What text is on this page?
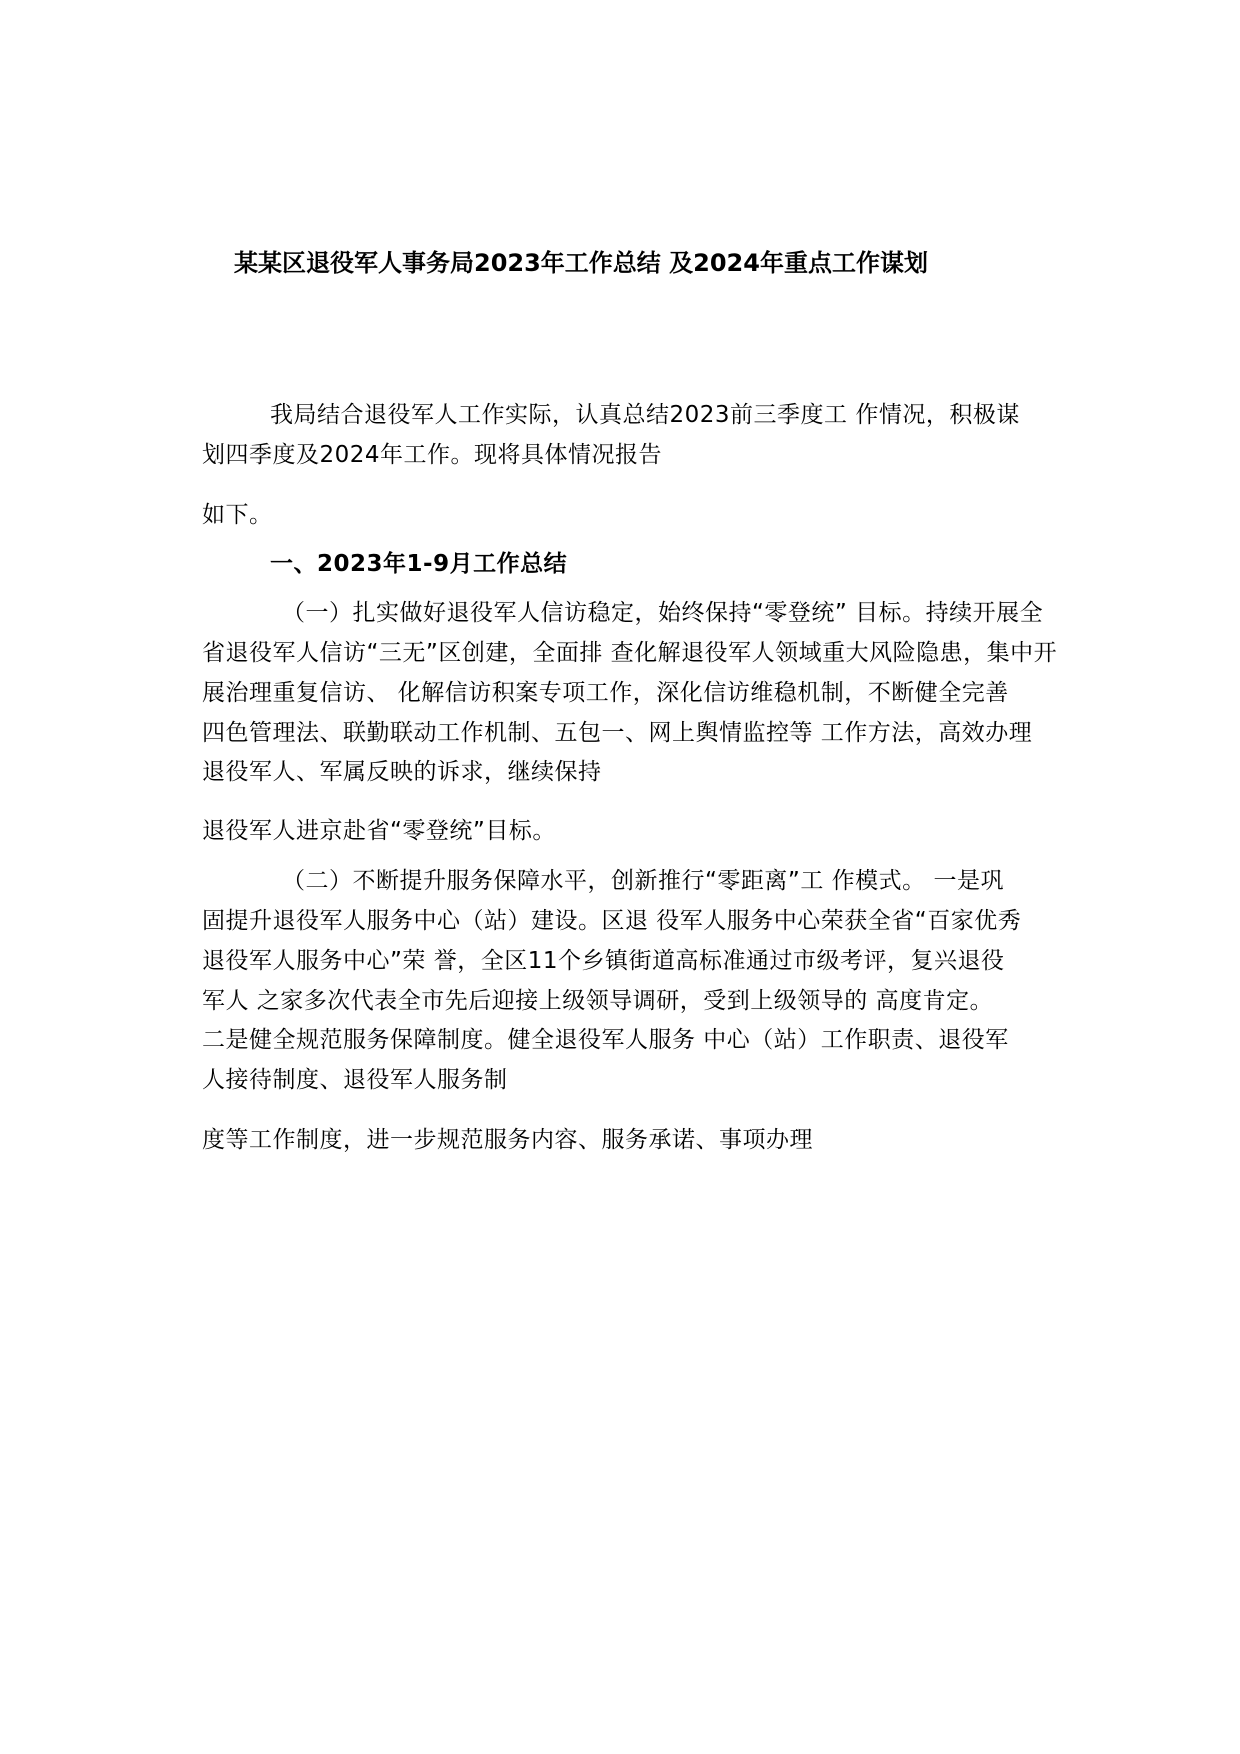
某某区退役军人事务局2023年工作总结 及2024年重点工作谋划
我局结合退役军人工作实际，认真总结2023前三季度工 作情况，积极谋
划四季度及2024年工作。现将具体情况报告
如下。
一、2023年1-9月工作总结
（一）扎实做好退役军人信访稳定，始终保持“零登统” 目标。持续开展全
省退役军人信访“三无”区创建，全面排 查化解退役军人领域重大风险隐患，集中开
展治理重复信访、 化解信访积案专项工作，深化信访维稳机制，不断健全完善
四色管理法、联勤联动工作机制、五包一、网上舆情监控等 工作方法，高效办理
退役军人、军属反映的诉求，继续保持
退役军人进京赴省“零登统”目标。
（二）不断提升服务保障水平，创新推行“零距离”工 作模式。 一是巩
固提升退役军人服务中心（站）建设。区退 役军人服务中心荣获全省“百家优秀
退役军人服务中心”荣 誉，全区11个乡镇街道高标准通过市级考评，复兴退役
军人 之家多次代表全市先后迎接上级领导调研，受到上级领导的 高度肯定。
二是健全规范服务保障制度。健全退役军人服务 中心（站）工作职责、退役军
人接待制度、退役军人服务制
度等工作制度，进一步规范服务内容、服务承诺、事项办理
